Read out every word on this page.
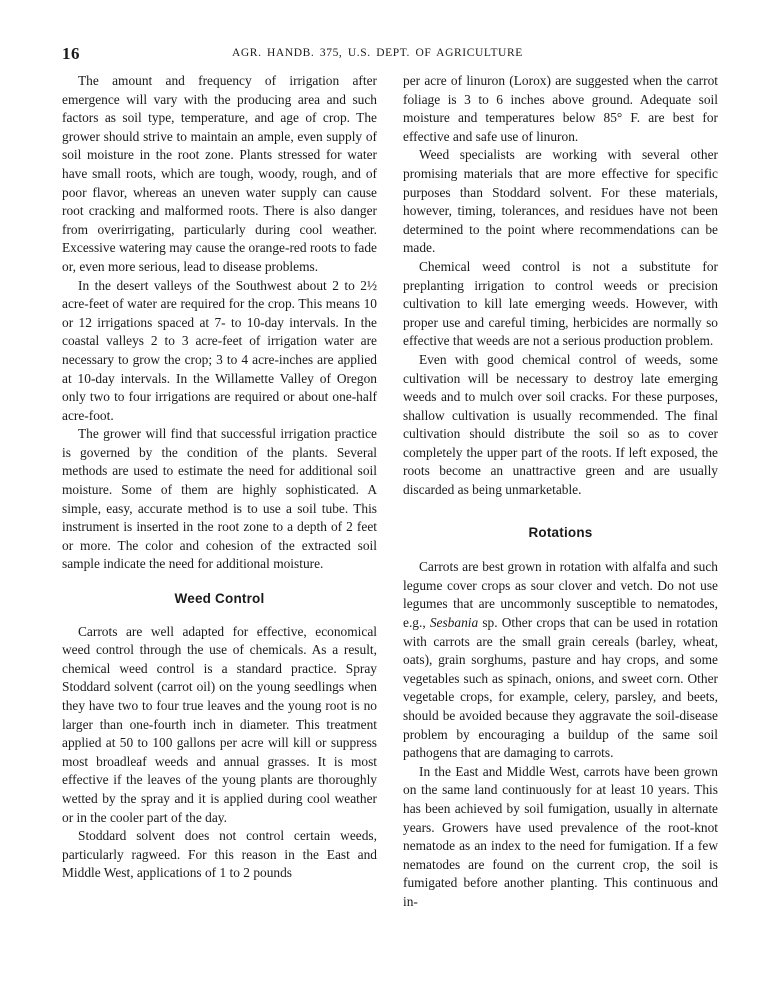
16	AGR. HANDB. 375, U.S. DEPT. OF AGRICULTURE

The amount and frequency of irrigation after emergence will vary with the producing area and such factors as soil type, temperature, and age of crop. The grower should strive to maintain an ample, even supply of soil moisture in the root zone. Plants stressed for water have small roots, which are tough, woody, rough, and of poor flavor, whereas an uneven water supply can cause root cracking and malformed roots. There is also danger from overirrigating, particularly during cool weather. Excessive watering may cause the orange-red roots to fade or, even more serious, lead to disease problems.

In the desert valleys of the Southwest about 2 to 2½ acre-feet of water are required for the crop. This means 10 or 12 irrigations spaced at 7- to 10-day intervals. In the coastal valleys 2 to 3 acre-feet of irrigation water are necessary to grow the crop; 3 to 4 acre-inches are applied at 10-day intervals. In the Willamette Valley of Oregon only two to four irrigations are required or about one-half acre-foot.

The grower will find that successful irrigation practice is governed by the condition of the plants. Several methods are used to estimate the need for additional soil moisture. Some of them are highly sophisticated. A simple, easy, accurate method is to use a soil tube. This instrument is inserted in the root zone to a depth of 2 feet or more. The color and cohesion of the extracted soil sample indicate the need for additional moisture.

Weed Control

Carrots are well adapted for effective, economical weed control through the use of chemicals. As a result, chemical weed control is a standard practice. Spray Stoddard solvent (carrot oil) on the young seedlings when they have two to four true leaves and the young root is no larger than one-fourth inch in diameter. This treatment applied at 50 to 100 gallons per acre will kill or suppress most broadleaf weeds and annual grasses. It is most effective if the leaves of the young plants are thoroughly wetted by the spray and it is applied during cool weather or in the cooler part of the day.

Stoddard solvent does not control certain weeds, particularly ragweed. For this reason in the East and Middle West, applications of 1 to 2 pounds

per acre of linuron (Lorox) are suggested when the carrot foliage is 3 to 6 inches above ground. Adequate soil moisture and temperatures below 85° F. are best for effective and safe use of linuron.

Weed specialists are working with several other promising materials that are more effective for specific purposes than Stoddard solvent. For these materials, however, timing, tolerances, and residues have not been determined to the point where recommendations can be made.

Chemical weed control is not a substitute for preplanting irrigation to control weeds or precision cultivation to kill late emerging weeds. However, with proper use and careful timing, herbicides are normally so effective that weeds are not a serious production problem.

Even with good chemical control of weeds, some cultivation will be necessary to destroy late emerging weeds and to mulch over soil cracks. For these purposes, shallow cultivation is usually recommended. The final cultivation should distribute the soil so as to cover completely the upper part of the roots. If left exposed, the roots become an unattractive green and are usually discarded as being unmarketable.

Rotations

Carrots are best grown in rotation with alfalfa and such legume cover crops as sour clover and vetch. Do not use legumes that are uncommonly susceptible to nematodes, e.g., Sesbania sp. Other crops that can be used in rotation with carrots are the small grain cereals (barley, wheat, oats), grain sorghums, pasture and hay crops, and some vegetables such as spinach, onions, and sweet corn. Other vegetable crops, for example, celery, parsley, and beets, should be avoided because they aggravate the soil-disease problem by encouraging a buildup of the same soil pathogens that are damaging to carrots.

In the East and Middle West, carrots have been grown on the same land continuously for at least 10 years. This has been achieved by soil fumigation, usually in alternate years. Growers have used prevalence of the root-knot nematode as an index to the need for fumigation. If a few nematodes are found on the current crop, the soil is fumigated before another planting. This continuous and in-
